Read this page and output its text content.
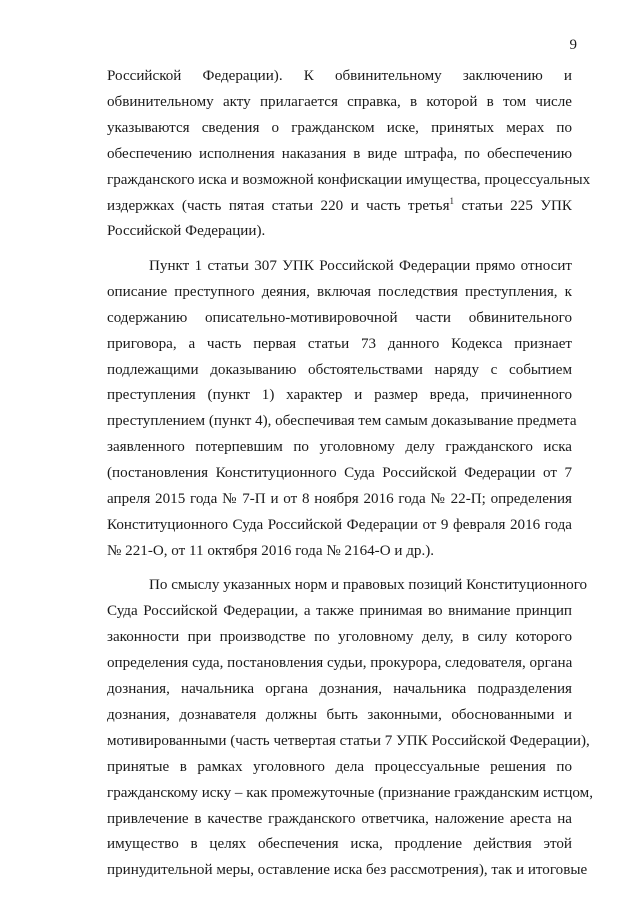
9

Российской Федерации). К обвинительному заключению и
обвинительному акту прилагается справка, в которой в том числе
указываются сведения о гражданском иске, принятых мерах по
обеспечению исполнения наказания в виде штрафа, по обеспечению
гражданского иска и возможной конфискации имущества, процессуальных
издержках (часть пятая статьи 220 и часть третья$^1$ статьи 225 УПК
Российской Федерации).

Пункт 1 статьи 307 УПК Российской Федерации прямо относит
описание преступного деяния, включая последствия преступления, к
содержанию описательно-мотивировочной части обвинительного
приговора, а часть первая статьи 73 данного Кодекса признает
подлежащими доказыванию обстоятельствами наряду с событием
преступления (пункт 1) характер и размер вреда, причиненного
преступлением (пункт 4), обеспечивая тем самым доказывание предмета
заявленного потерпевшим по уголовному делу гражданского иска
(постановления Конституционного Суда Российской Федерации от 7
апреля 2015 года № 7-П и от 8 ноября 2016 года № 22-П; определения
Конституционного Суда Российской Федерации от 9 февраля 2016 года
№ 221-О, от 11 октября 2016 года № 2164-О и др.).

По смыслу указанных норм и правовых позиций Конституционного
Суда Российской Федерации, а также принимая во внимание принцип
законности при производстве по уголовному делу, в силу которого
определения суда, постановления судьи, прокурора, следователя, органа
дознания, начальника органа дознания, начальника подразделения
дознания, дознавателя должны быть законными, обоснованными и
мотивированными (часть четвертая статьи 7 УПК Российской Федерации),
принятые в рамках уголовного дела процессуальные решения по
гражданскому иску – как промежуточные (признание гражданским истцом,
привлечение в качестве гражданского ответчика, наложение ареста на
имущество в целях обеспечения иска, продление действия этой
принудительной меры, оставление иска без рассмотрения), так и итоговые
